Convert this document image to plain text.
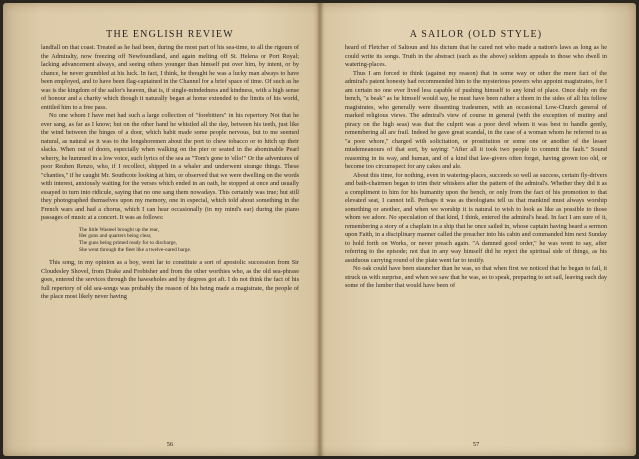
THE ENGLISH REVIEW

landfall on that coast. Treated as he had been, during the most part of his sea-time, to all the rigours of the Admiralty, now freezing off Newfoundland, and again melting off St. Helena or Port Royal; lacking advancement always, and seeing others younger than himself put over him, by intent, or by chance, he never grumbled at his luck. In fact, I think, he thought he was a lucky man always to have been employed, and to have been flag-captained in the Channel for a brief space of time. Of such as he was is the kingdom of the sailor's heaven, that is, if single-mindedness and kindness, with a high sense of honour and a charity which though it naturally began at home extended to the limits of his world, entitled him to a free pass.

No one whom I have met had such a large collection of "forebitters" in his repertory Not that he ever sang, as far as I know; but on the other hand he whistled all the day, between his teeth, just like the wind between the hinges of a door, which habit made some people nervous, but to me seemed natural, as natural as it was to the longshoremen about the port to chew tobacco or to hitch up their slacks. When out of doors, especially when walking on the pier or seated in the abominable Pearl wherry, he hummed in a low voice, such lyrics of the sea as "Tom's gone to 'ello!" Or the adventures of poor Reuben Renzo, who, if I recollect, shipped in a whaler and underwent strange things. These "chanties," if he caught Mr. Southcote looking at him, or observed that we were dwelling on the words with interest, anxiously waiting for the verses which ended in an oath, he stopped at once and usually essayed to turn into ridicule, saying that no one sang them nowadays. This certainly was true; but still they photographed themselves upon my memory, one in especial, which told about something in the French wars and had a chorus, which I can hear occasionally (in my mind's ear) during the piano passages of music at a concert. It was as follows:

The little Wasteel brought up the rear,
Her guns and quarters being clear,
The guns being primed ready for to discharge,
She went through the fleet like a twelve-oared barge.

This song, in my opinion as a boy, went far to constitute a sort of apostolic succession from Sir Cloudesley Shovel, from Drake and Frobisher and from the other worthies who, as the old sea-phrase goes, entered the services through the hawseholes and by degrees got aft. I do not think the fact of his full repertory of old sea-songs was probably the reason of his being made a magistrate, the people of the place most likely never having

56
A SAILOR (OLD STYLE)

heard of Fletcher of Saltoun and his dictum that he cared not who made a nation's laws as long as he could write its songs. Truth in the abstract (such as the above) seldom appeals to those who dwell in watering-places.

Thus I am forced to think (against my reason) that in some way or other the mere fact of the admiral's patent honesty had recommended him to the mysterious powers who appoint magistrates, for I am certain no one ever lived less capable of pushing himself to any kind of place. Once duly on the bench, "a beak" as he himself would say, he must have been rather a thorn in the sides of all his fellow magistrates, who generally were dissenting tradesmen, with an occasional Low-Church general of marked religious views. The admiral's view of course in general (with the exception of mutiny and piracy on the high seas) was that the culprit was a poor devil whom it was best to handle gently, remembering all are frail. Indeed he gave great scandal, in the case of a woman whom he referred to as "a poor whore," charged with solicitation, or prostitution or some one or another of the lesser misdemeanours of that sort, by saying: "After all it took two people to commit the fault." Sound reasoning in its way, and human, and of a kind that law-givers often forget, having grown too old, or become too circumspect for any cakes and ale.

About this time, for nothing, even in watering-places, succeeds so well as success, certain fly-drivers and bath-chairmen began to trim their whiskers after the pattern of the admiral's. Whether they did it as a compliment to him for his humanity upon the bench, or only from the fact of his promotion to that elevated seat, I cannot tell. Perhaps it was as theologians tell us that mankind must always worship something or another, and when we worship it is natural to wish to look as like as possible to those whom we adore. No speculation of that kind, I think, entered the admiral's head. In fact I am sure of it, remembering a story of a chaplain in a ship that he once sailed in, whose captain having heard a sermon upon Faith, in a disciplinary manner called the preacher into his cabin and commanded him next Sunday to hold forth on Works, or never preach again. "A damned good order," he was wont to say, after referring to the episode; not that in any way himself did he reject the spiritual side of things, as his assiduous carrying round of the plate went far to testify.

No oak could have been stauncher than he was, so that when first we noticed that he began to fail, it struck us with surprise, and when we saw that he was, so to speak, preparing to set sail, leaving each day some of the lumber that would have been of

57
